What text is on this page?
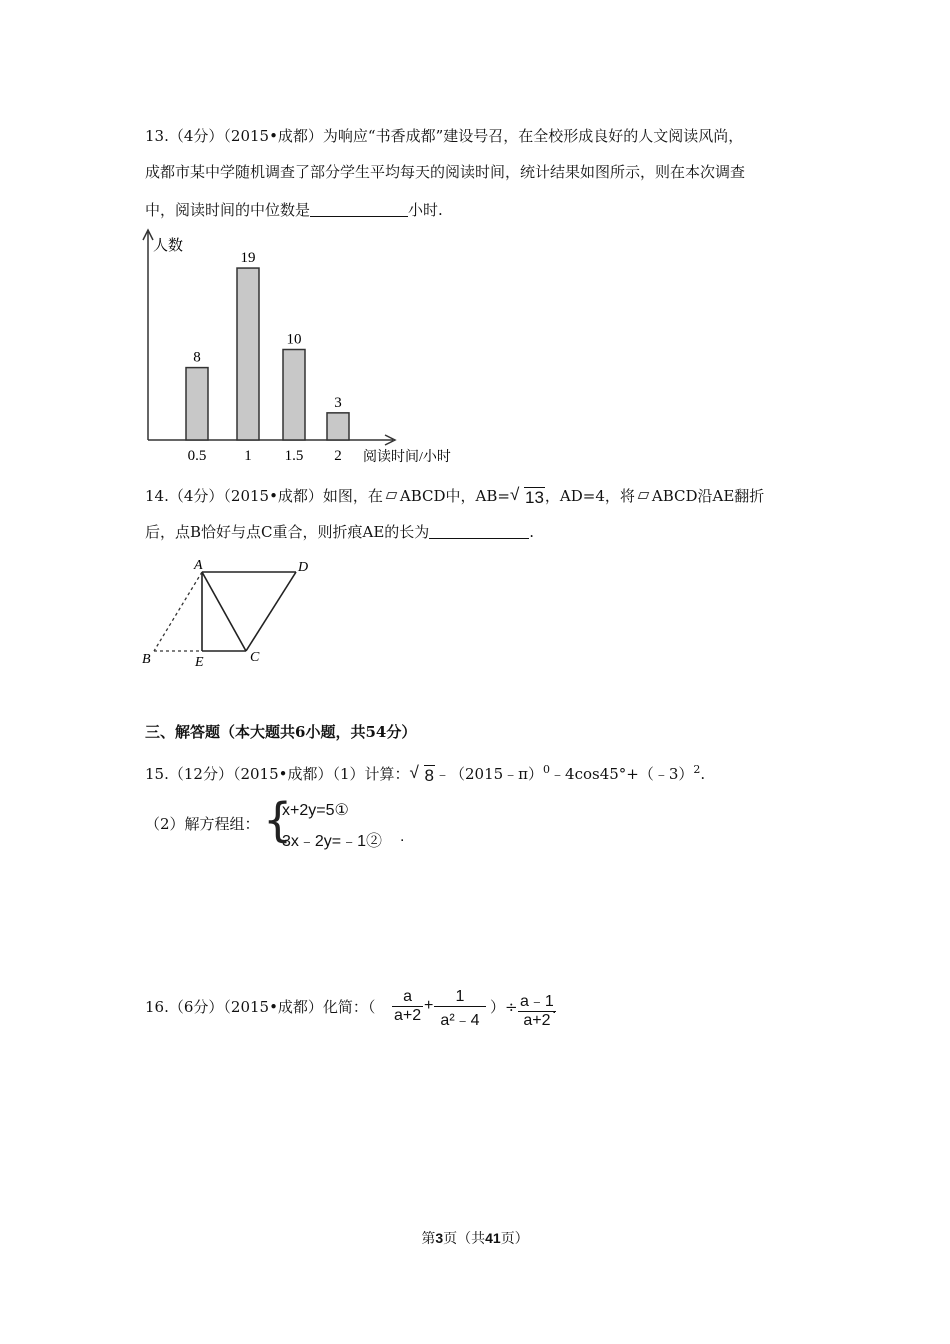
13.（4分）（2015•成都）为响应“书香成都”建设号召，在全校形成良好的人文阅读风尚，
成都市某中学随机调查了部分学生平均每天的阅读时间，统计结果如图所示，则在本次调查
中，阅读时间的中位数是	小时.
人数
阅读时间/小时
8
0.5
19
1
10
1.5
3
2
14.（4分）（2015•成都）如图，在 ABCD中，AB= √ 13，AD=4，将 ABCD沿AE翻折
后，点B恰好与点C重合，则折痕AE的长为	.
A	D
B	E	C
三、解答题（本大题共6小题，共54分）
15.（12分）（2015•成都）（1）计算： √ 8﹣（2015﹣π）$^0$﹣4cos45°+（﹣3）$^2$.
（2）解方程组： {
x+2y=5①
3x﹣2y=﹣1② .
16.（6分）（2015•成都）化简：（ $\frac{a}{a+2} + \frac{1}{\text{a²﹣4}}$ ）÷ $\frac{a﹣1}{a+2}$
.
第3页（共41页）
